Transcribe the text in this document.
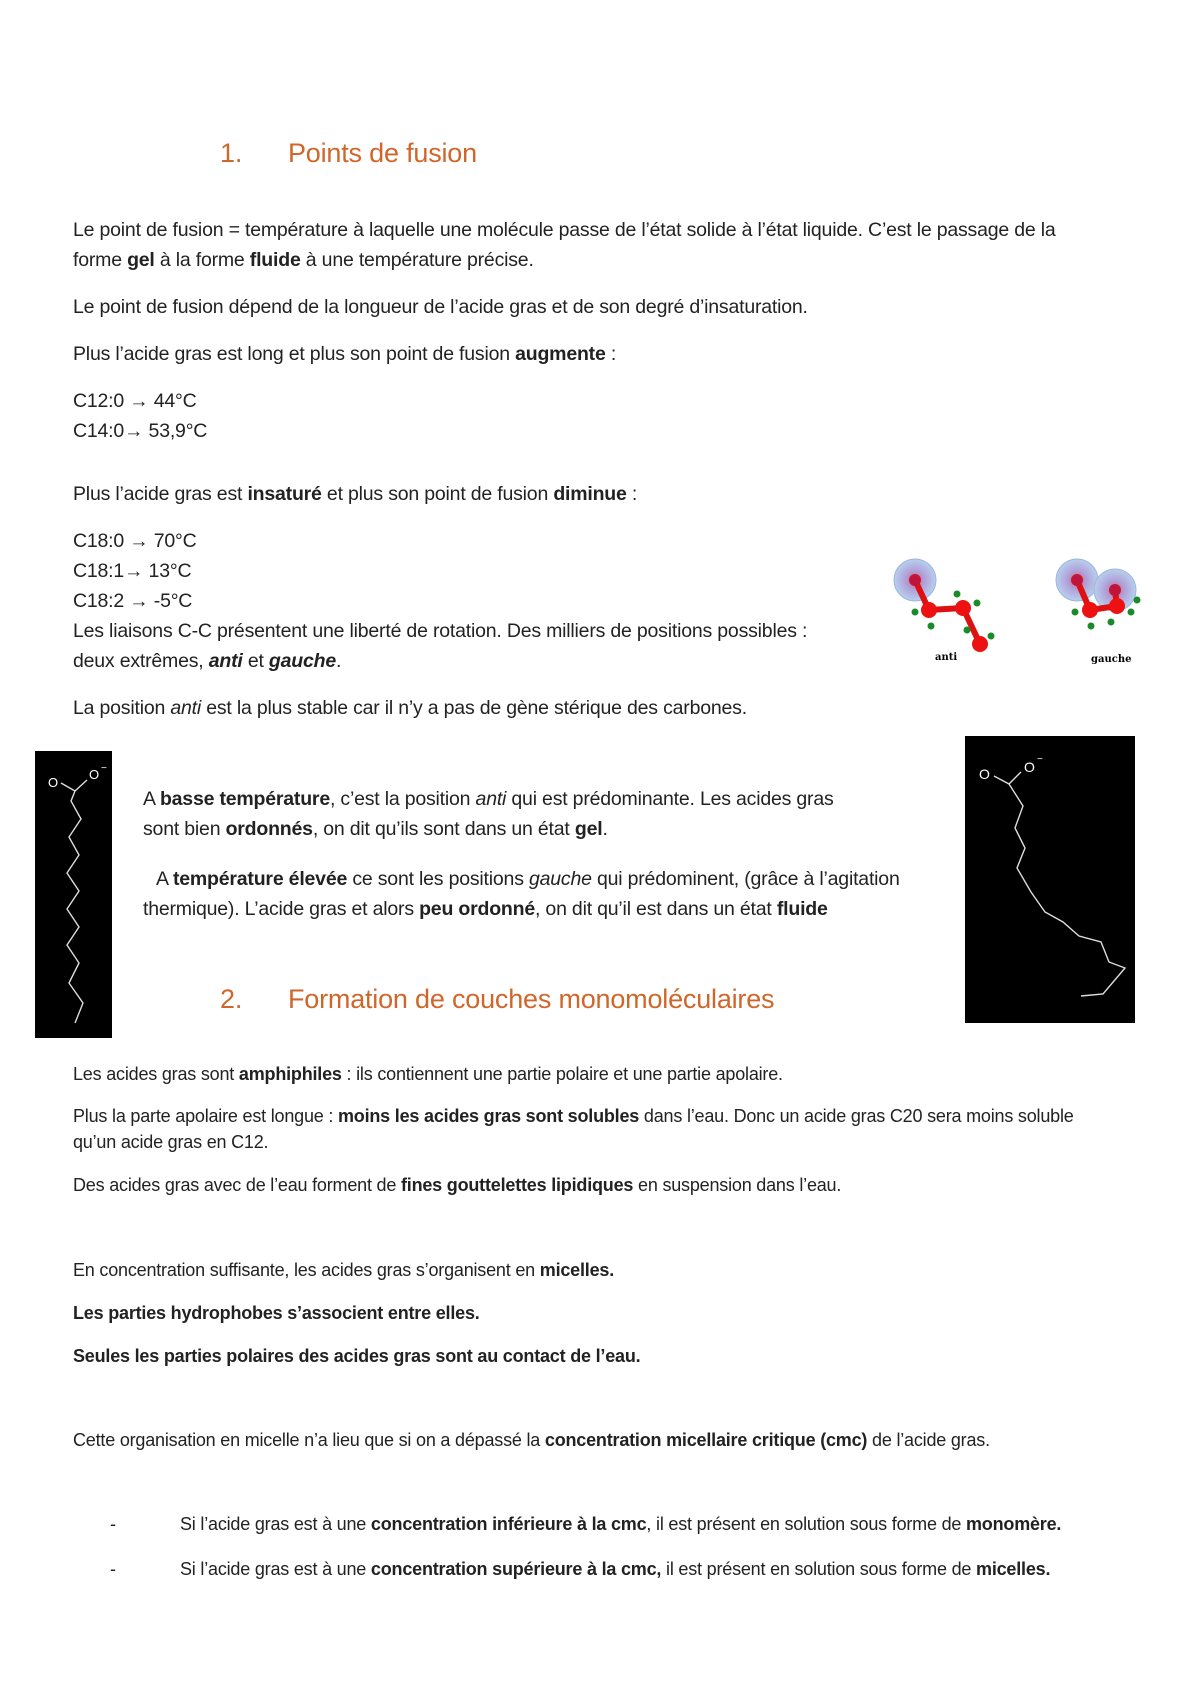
1. Points de fusion
Le point de fusion = température à laquelle une molécule passe de l’état solide à l’état liquide. C’est le passage de la
forme gel à la forme fluide à une température précise.
Le point de fusion dépend de la longueur de l’acide gras et de son degré d’insaturation.
Plus l’acide gras est long et plus son point de fusion augmente :
C12:0 → 44°C
C14:0→ 53,9°C
Plus l’acide gras est insaturé et plus son point de fusion diminue :
C18:0 → 70°C
C18:1→ 13°C
C18:2 → -5°C
Les liaisons C-C présentent une liberté de rotation. Des milliers de positions possibles :
deux extrêmes, anti et gauche.
La position anti est la plus stable car il n’y a pas de gène stérique des carbones.
anti	gauche
O
O −	O O −
A basse température, c’est la position anti qui est prédominante. Les acides gras
sont bien ordonnés, on dit qu’ils sont dans un état gel.
A température élevée ce sont les positions gauche qui prédominent, (grâce à l’agitation
thermique). L’acide gras et alors peu ordonné, on dit qu’il est dans un état fluide
2. Formation de couches monomoléculaires
Les acides gras sont amphiphiles : ils contiennent une partie polaire et une partie apolaire.
Plus la parte apolaire est longue : moins les acides gras sont solubles dans l’eau. Donc un acide gras C20 sera moins soluble
qu’un acide gras en C12.
Des acides gras avec de l’eau forment de fines gouttelettes lipidiques en suspension dans l’eau.
En concentration suffisante, les acides gras s’organisent en micelles.
Les parties hydrophobes s’associent entre elles.
Seules les parties polaires des acides gras sont au contact de l’eau.
Cette organisation en micelle n’a lieu que si on a dépassé la concentration micellaire critique (cmc) de l’acide gras.
-	Si l’acide gras est à une concentration inférieure à la cmc, il est présent en solution sous forme de monomère.
-	Si l’acide gras est à une concentration supérieure à la cmc, il est présent en solution sous forme de micelles.
